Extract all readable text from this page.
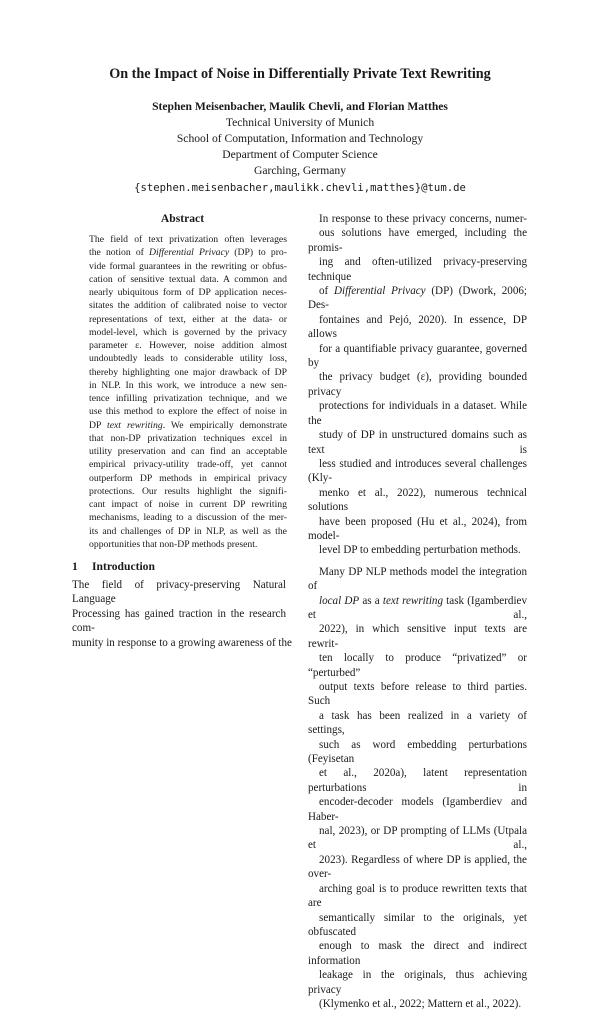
On the Impact of Noise in Differentially Private Text Rewriting
Stephen Meisenbacher, Maulik Chevli, and Florian Matthes
Technical University of Munich
School of Computation, Information and Technology
Department of Computer Science
Garching, Germany
{stephen.meisenbacher,maulikk.chevli,matthes}@tum.de
Abstract
The field of text privatization often leverages
the notion of Differential Privacy (DP) to pro-
vide formal guarantees in the rewriting or obfus-
cation of sensitive textual data. A common and
nearly ubiquitous form of DP application neces-
sitates the addition of calibrated noise to vector
representations of text, either at the data- or
model-level, which is governed by the privacy
parameter ε. However, noise addition almost
undoubtedly leads to considerable utility loss,
thereby highlighting one major drawback of DP
in NLP. In this work, we introduce a new sen-
tence infilling privatization technique, and we
use this method to explore the effect of noise in
DP text rewriting. We empirically demonstrate
that non-DP privatization techniques excel in
utility preservation and can find an acceptable
empirical privacy-utility trade-off, yet cannot
outperform DP methods in empirical privacy
protections. Our results highlight the signifi-
cant impact of noise in current DP rewriting
mechanisms, leading to a discussion of the mer-
its and challenges of DP in NLP, as well as the
opportunities that non-DP methods present.
1 Introduction
The field of privacy-preserving Natural Language
Processing has gained traction in the research com-
munity in response to a growing awareness of the

In response to these privacy concerns, numer-
ous solutions have emerged, including the promis-
ing and often-utilized privacy-preserving technique
of Differential Privacy (DP) (Dwork, 2006; Des-
fontaines and Pejó, 2020). In essence, DP allows
for a quantifiable privacy guarantee, governed by
the privacy budget (ε), providing bounded privacy
protections for individuals in a dataset. While the
study of DP in unstructured domains such as text is
less studied and introduces several challenges (Kly-
menko et al., 2022), numerous technical solutions
have been proposed (Hu et al., 2024), from model-
level DP to embedding perturbation methods.

Many DP NLP methods model the integration of
local DP as a text rewriting task (Igamberdiev et al.,
2022), in which sensitive input texts are rewrit-
ten locally to produce “privatized” or “perturbed”
output texts before release to third parties. Such
a task has been realized in a variety of settings,
such as word embedding perturbations (Feyisetan
et al., 2020a), latent representation perturbations in
encoder-decoder models (Igamberdiev and Haber-
nal, 2023), or DP prompting of LLMs (Utpala et al.,
2023). Regardless of where DP is applied, the over-
arching goal is to produce rewritten texts that are
semantically similar to the originals, yet obfuscated
enough to mask the direct and indirect information
leakage in the originals, thus achieving privacy
(Klymenko et al., 2022; Mattern et al., 2022).
